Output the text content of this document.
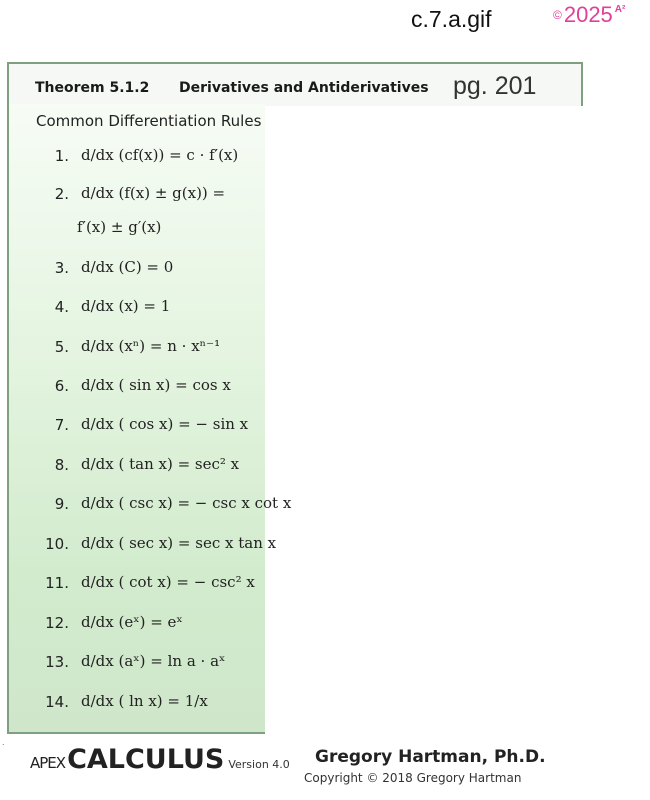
c.7.a.gif	©2025 $^{A^2}$
Theorem 5.1.2 Derivatives and Antiderivatives pg. 201
Common Differentiation Rules
1. d/dx (cf(x)) = c · f′(x)
2. d/dx (f(x) ± g(x)) =
f′(x) ± g′(x)
3. d/dx (C) = 0
4. d/dx (x) = 1
5. d/dx (xⁿ) = n · xⁿ⁻¹
6. d/dx ( sin x) = cos x
7. d/dx ( cos x) = − sin x
8. d/dx ( tan x) = sec² x
9. d/dx ( csc x) = − csc x cot x
10. d/dx ( sec x) = sec x tan x
11. d/dx ( cot x) = − csc² x
12. d/dx (eˣ) = eˣ
13. d/dx (aˣ) = ln a · aˣ
14. d/dx ( ln x) = 1/x
.
APEXCALCULUS Version 4.0 Gregory Hartman, Ph.D.
Copyright © 2018 Gregory Hartman
